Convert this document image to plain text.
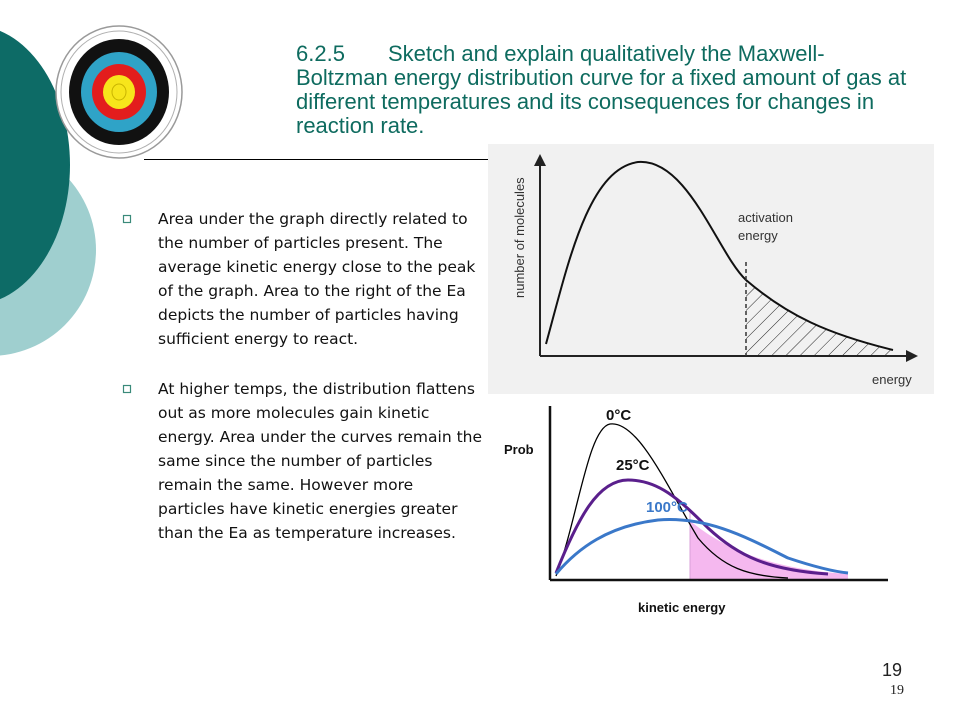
6.2.5 Sketch and explain qualitatively the Maxwell-Boltzman energy distribution curve for a fixed amount of gas at different temperatures and its consequences for changes in reaction rate.
Area under the graph directly related to the number of particles present. The average kinetic energy close to the peak of the graph. Area to the right of the Ea depicts the number of particles having sufficient energy to react.
At higher temps, the distribution flattens out as more molecules gain kinetic energy. Area under the curves remain the same since the number of particles remain the same. However more particles have kinetic energies greater than the Ea as temperature increases.
number of molecules
energy
activation energy
Prob
kinetic energy
0°C
25°C
100°C
19
19
